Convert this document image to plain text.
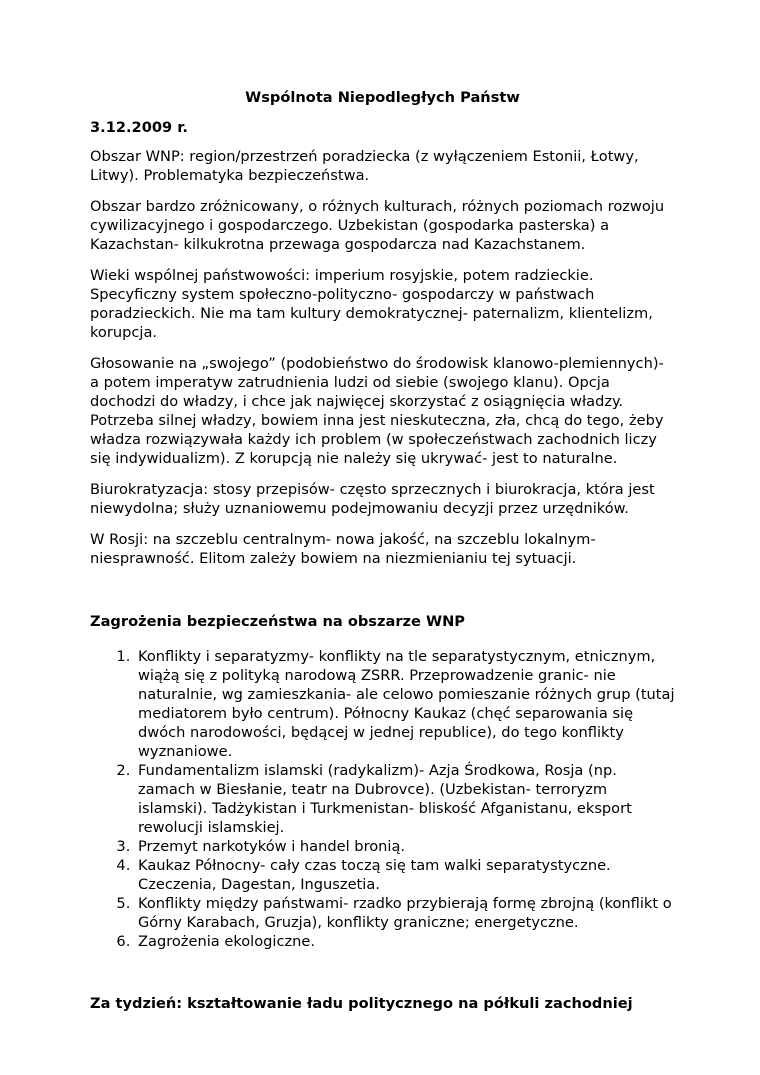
Wspólnota Niepodległych Państw
3.12.2009 r.

Obszar WNP: region/przestrzeń poradziecka (z wyłączeniem Estonii, Łotwy, Litwy). Problematyka bezpieczeństwa.

Obszar bardzo zróżnicowany, o różnych kulturach, różnych poziomach rozwoju cywilizacyjnego i gospodarczego. Uzbekistan (gospodarka pasterska) a Kazachstan- kilkukrotna przewaga gospodarcza nad Kazachstanem.

Wieki wspólnej państwowości: imperium rosyjskie, potem radzieckie. Specyficzny system społeczno-polityczno- gospodarczy w państwach poradzieckich. Nie ma tam kultury demokratycznej- paternalizm, klientelizm, korupcja.

Głosowanie na „swojego” (podobieństwo do środowisk klanowo-plemiennych)- a potem imperatyw zatrudnienia ludzi od siebie (swojego klanu). Opcja dochodzi do władzy, i chce jak najwięcej skorzystać z osiągnięcia władzy. Potrzeba silnej władzy, bowiem inna jest nieskuteczna, zła, chcą do tego, żeby władza rozwiązywała każdy ich problem (w społeczeństwach zachodnich liczy się indywidualizm). Z korupcją nie należy się ukrywać- jest to naturalne.

Biurokratyzacja: stosy przepisów- często sprzecznych i biurokracja, która jest niewydolna; służy uznaniowemu podejmowaniu decyzji przez urzędników.

W Rosji: na szczeblu centralnym- nowa jakość, na szczeblu lokalnym- niesprawność. Elitom zależy bowiem na niezmienianiu tej sytuacji.

Zagrożenia bezpieczeństwa na obszarze WNP
1. Konflikty i separatyzmy- konflikty na tle separatystycznym, etnicznym, wiążą się z polityką narodową ZSRR. Przeprowadzenie granic- nie naturalnie, wg zamieszkania- ale celowo pomieszanie różnych grup (tutaj mediatorem było centrum). Północny Kaukaz (chęć separowania się dwóch narodowości, będącej w jednej republice), do tego konflikty wyznaniowe.
2. Fundamentalizm islamski (radykalizm)- Azja Środkowa, Rosja (np. zamach w Biesłanie, teatr na Dubrovce). (Uzbekistan- terroryzm islamski). Tadżykistan i Turkmenistan- bliskość Afganistanu, eksport rewolucji islamskiej.
3. Przemyt narkotyków i handel bronią.
4. Kaukaz Północny- cały czas toczą się tam walki separatystyczne. Czeczenia, Dagestan, Inguszetia.
5. Konflikty między państwami- rzadko przybierają formę zbrojną (konflikt o Górny Karabach, Gruzja), konflikty graniczne; energetyczne.
6. Zagrożenia ekologiczne.
Za tydzień: kształtowanie ładu politycznego na półkuli zachodniej
